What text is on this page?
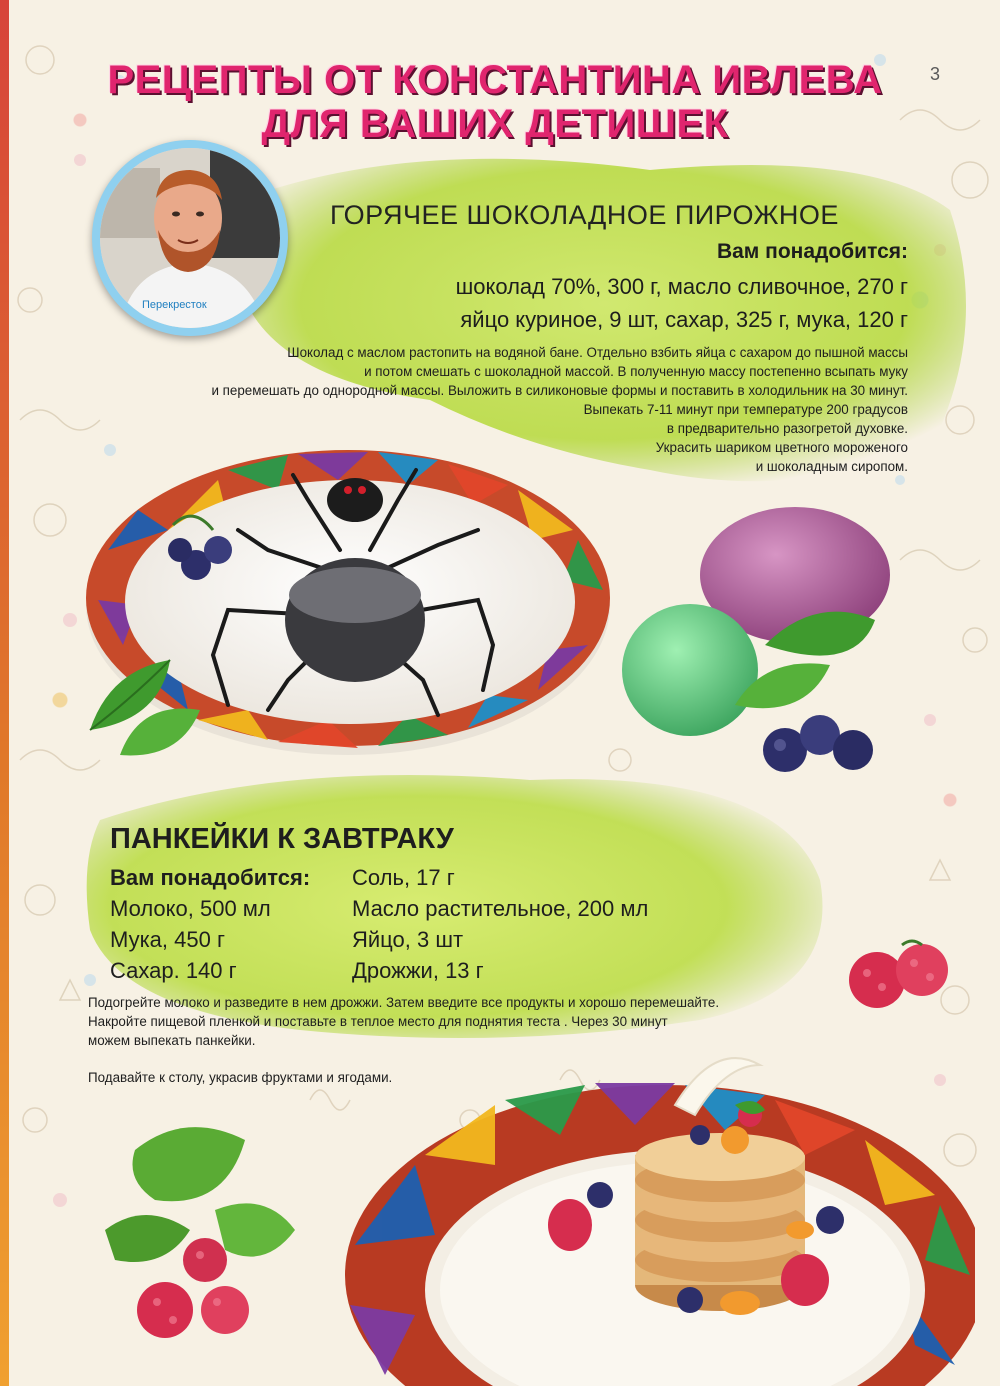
3
РЕЦЕПТЫ ОТ КОНСТАНТИНА ИВЛЕВА
ДЛЯ ВАШИХ ДЕТИШЕК
Перекресток
ГОРЯЧЕЕ ШОКОЛАДНОЕ ПИРОЖНОЕ
Вам понадобится:
шоколад 70%, 300 г, масло сливочное, 270 г
яйцо куриное, 9 шт, сахар, 325 г, мука, 120 г
Шоколад с маслом растопить на водяной бане. Отдельно взбить яйца с сахаром до пышной массы
и потом смешать с шоколадной массой. В полученную массу постепенно всыпать муку
и перемешать до однородной массы. Выложить в силиконовые формы и поставить в холодильник на 30 минут.
Выпекать 7-11 минут при температуре 200 градусов
в предварительно разогретой духовке.
Украсить шариком цветного мороженого
и шоколадным сиропом.
ПАНКЕЙКИ К ЗАВТРАКУ
Вам понадобится:
Молоко, 500 мл
Мука, 450 г
Сахар. 140 г
Соль, 17 г
Масло растительное, 200 мл
Яйцо, 3 шт
Дрожжи, 13 г
Подогрейте молоко и разведите в нем дрожжи. Затем введите все продукты и хорошо перемешайте.
Накройте пищевой пленкой и поставьте в теплое место для поднятия теста . Через 30 минут
можем выпекать панкейки.
Подавайте к столу, украсив фруктами и ягодами.
